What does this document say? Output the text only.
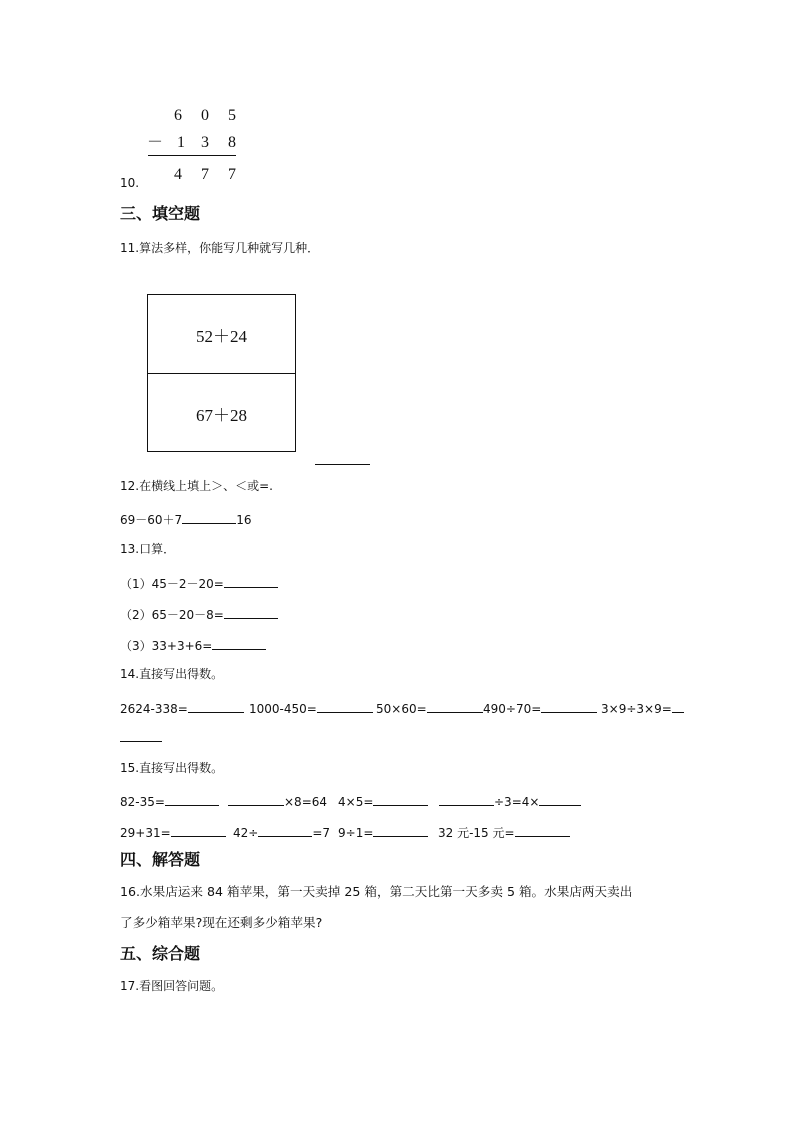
6 0 5
－ 1 3 8
10. 4 7 7
三、填空题
11.算法多样，你能写几种就写几种．
52＋24
67＋28
12.在横线上填上＞、＜或=.
69－60＋7	16
13.口算．
（1）45－2－20=
（2）65－20－8=
（3）33+3+6=
14.直接写出得数。
2624-338=	1000-450=	50×60=	490÷70=	3×9÷3×9=
15.直接写出得数。
82-35=	×8=64 4×5=	÷3=4×
29+31=	42÷	=7 9÷1=	32 元-15 元=
四、解答题
16.水果店运来 84 箱苹果，第一天卖掉 25 箱，第二天比第一天多卖 5 箱。水果店两天卖出
了多少箱苹果?现在还剩多少箱苹果?
五、综合题
17.看图回答问题。
